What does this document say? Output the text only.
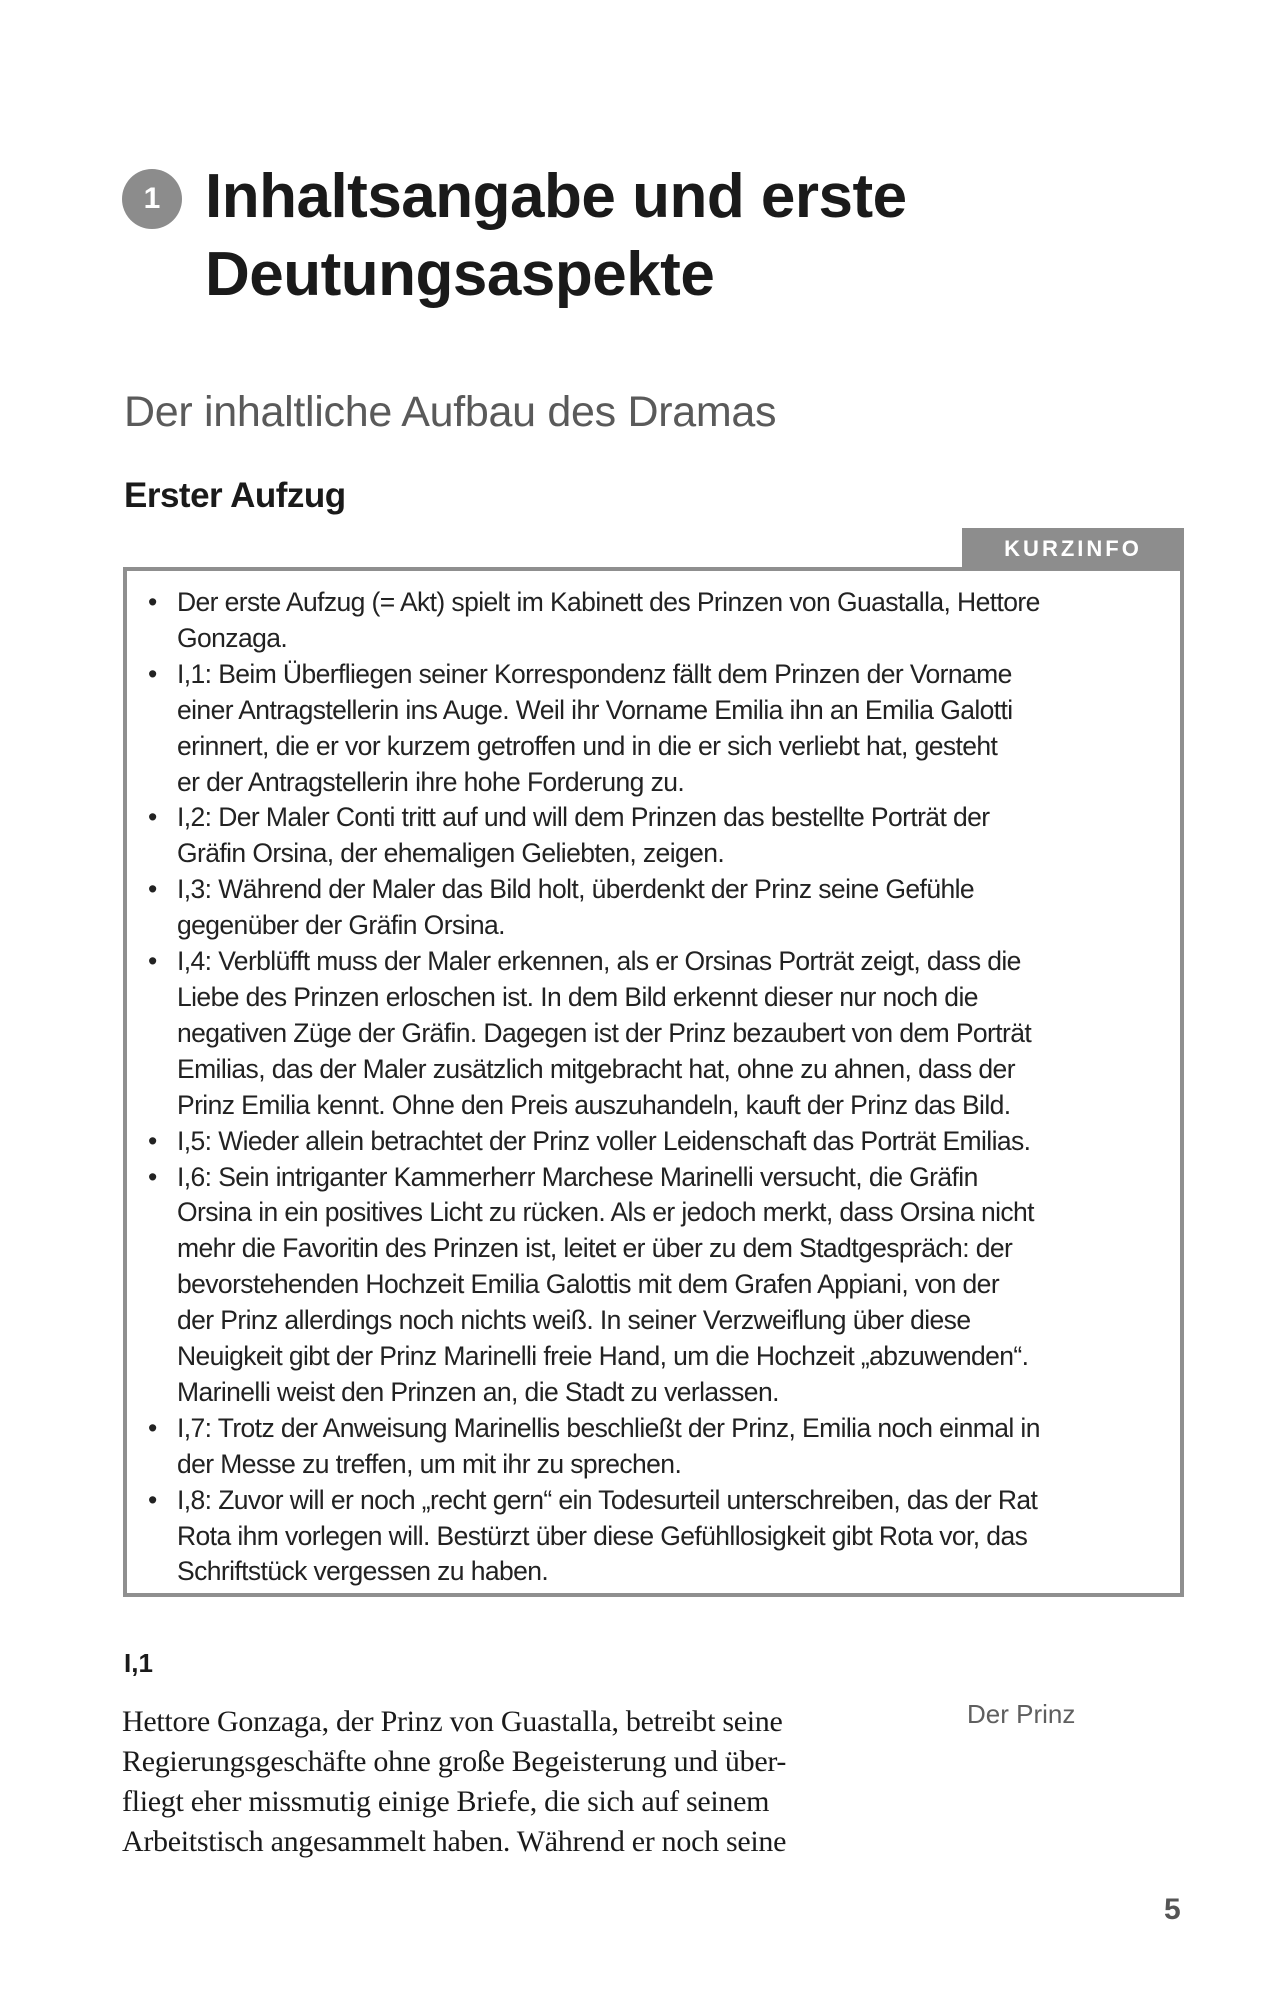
1 Inhaltsangabe und erste
Deutungsaspekte
Der inhaltliche Aufbau des Dramas
Erster Aufzug
• Der erste Aufzug (= Akt) spielt im Kabinett des Prinzen von Guastalla, Hettore
Gonzaga.
• I,1: Beim Überfliegen seiner Korrespondenz fällt dem Prinzen der Vorname
einer Antragstellerin ins Auge. Weil ihr Vorname Emilia ihn an Emilia Galotti
erinnert, die er vor kurzem getroffen und in die er sich verliebt hat, gesteht
er der Antragstellerin ihre hohe Forderung zu.
• I,2: Der Maler Conti tritt auf und will dem Prinzen das bestellte Porträt der
Gräfin Orsina, der ehemaligen Geliebten, zeigen.
• I,3: Während der Maler das Bild holt, überdenkt der Prinz seine Gefühle
gegenüber der Gräfin Orsina.
• I,4: Verblüfft muss der Maler erkennen, als er Orsinas Porträt zeigt, dass die
Liebe des Prinzen erloschen ist. In dem Bild erkennt dieser nur noch die
negativen Züge der Gräfin. Dagegen ist der Prinz bezaubert von dem Porträt
Emilias, das der Maler zusätzlich mitgebracht hat, ohne zu ahnen, dass der
Prinz Emilia kennt. Ohne den Preis auszuhandeln, kauft der Prinz das Bild.
• I,5: Wieder allein betrachtet der Prinz voller Leidenschaft das Porträt Emilias.
• I,6: Sein intriganter Kammerherr Marchese Marinelli versucht, die Gräfin
Orsina in ein positives Licht zu rücken. Als er jedoch merkt, dass Orsina nicht
mehr die Favoritin des Prinzen ist, leitet er über zu dem Stadtgespräch: der
bevorstehenden Hochzeit Emilia Galottis mit dem Grafen Appiani, von der
der Prinz allerdings noch nichts weiß. In seiner Verzweiflung über diese
Neuigkeit gibt der Prinz Marinelli freie Hand, um die Hochzeit „abzuwenden“.
Marinelli weist den Prinzen an, die Stadt zu verlassen.
• I,7: Trotz der Anweisung Marinellis beschließt der Prinz, Emilia noch einmal in
der Messe zu treffen, um mit ihr zu sprechen.
• I,8: Zuvor will er noch „recht gern“ ein Todesurteil unterschreiben, das der Rat
Rota ihm vorlegen will. Bestürzt über diese Gefühllosigkeit gibt Rota vor, das
Schriftstück vergessen zu haben.
KURZINFO
I,1

Hettore Gonzaga, der Prinz von Guastalla, betreibt seine
Regierungsgeschäfte ohne große Begeisterung und über-
fliegt eher missmutig einige Briefe, die sich auf seinem
Arbeitstisch angesammelt haben. Während er noch seine

Der Prinz
5
